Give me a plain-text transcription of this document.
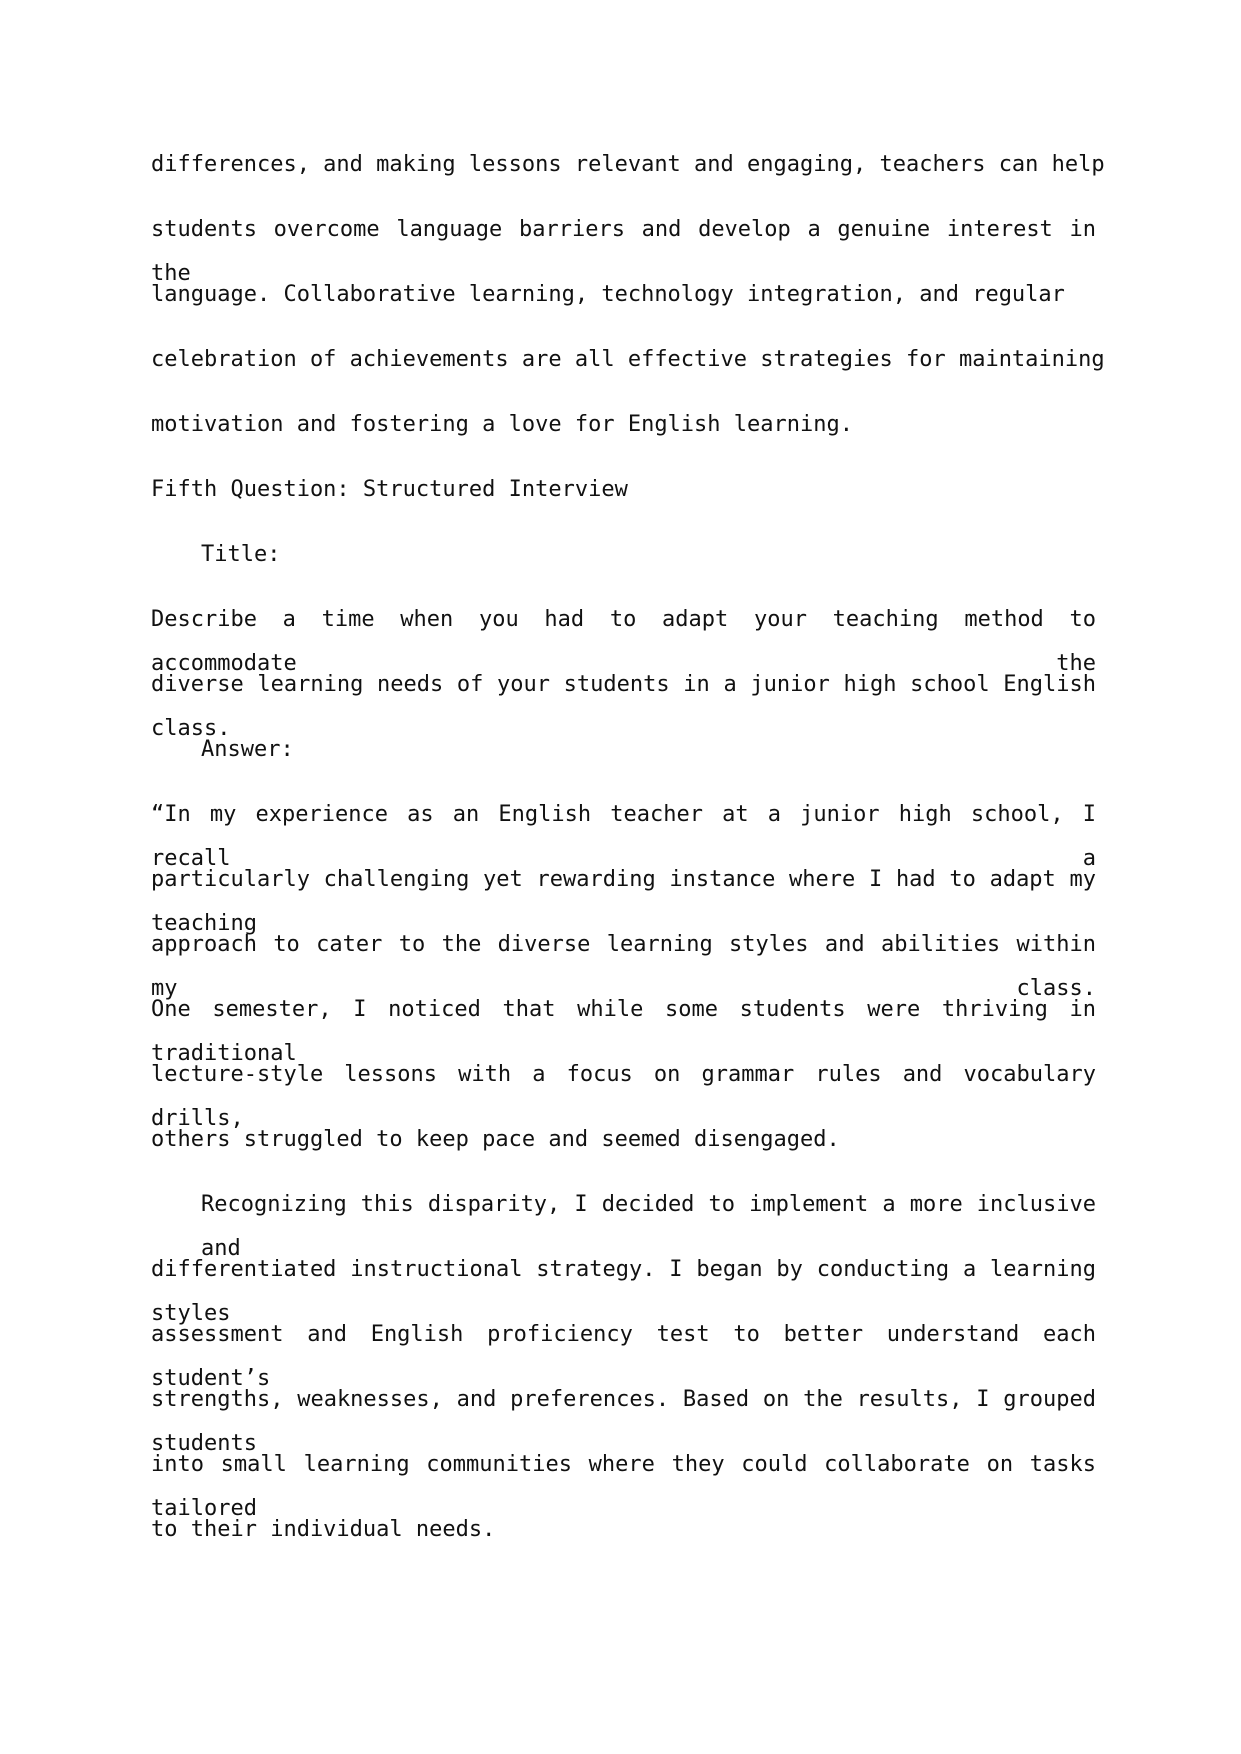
differences, and making lessons relevant and engaging, teachers can help
students overcome language barriers and develop a genuine interest in the
language. Collaborative learning, technology integration, and regular
celebration of achievements are all effective strategies for maintaining
motivation and fostering a love for English learning.
Fifth Question: Structured Interview
Title:
Describe a time when you had to adapt your teaching method to accommodate the
diverse learning needs of your students in a junior high school English class.
Answer:
“In my experience as an English teacher at a junior high school, I recall a
particularly challenging yet rewarding instance where I had to adapt my teaching
approach to cater to the diverse learning styles and abilities within my class.
One semester, I noticed that while some students were thriving in traditional
lecture-style lessons with a focus on grammar rules and vocabulary drills,
others struggled to keep pace and seemed disengaged.
Recognizing this disparity, I decided to implement a more inclusive and
differentiated instructional strategy. I began by conducting a learning styles
assessment and English proficiency test to better understand each student’s
strengths, weaknesses, and preferences. Based on the results, I grouped students
into small learning communities where they could collaborate on tasks tailored
to their individual needs.
